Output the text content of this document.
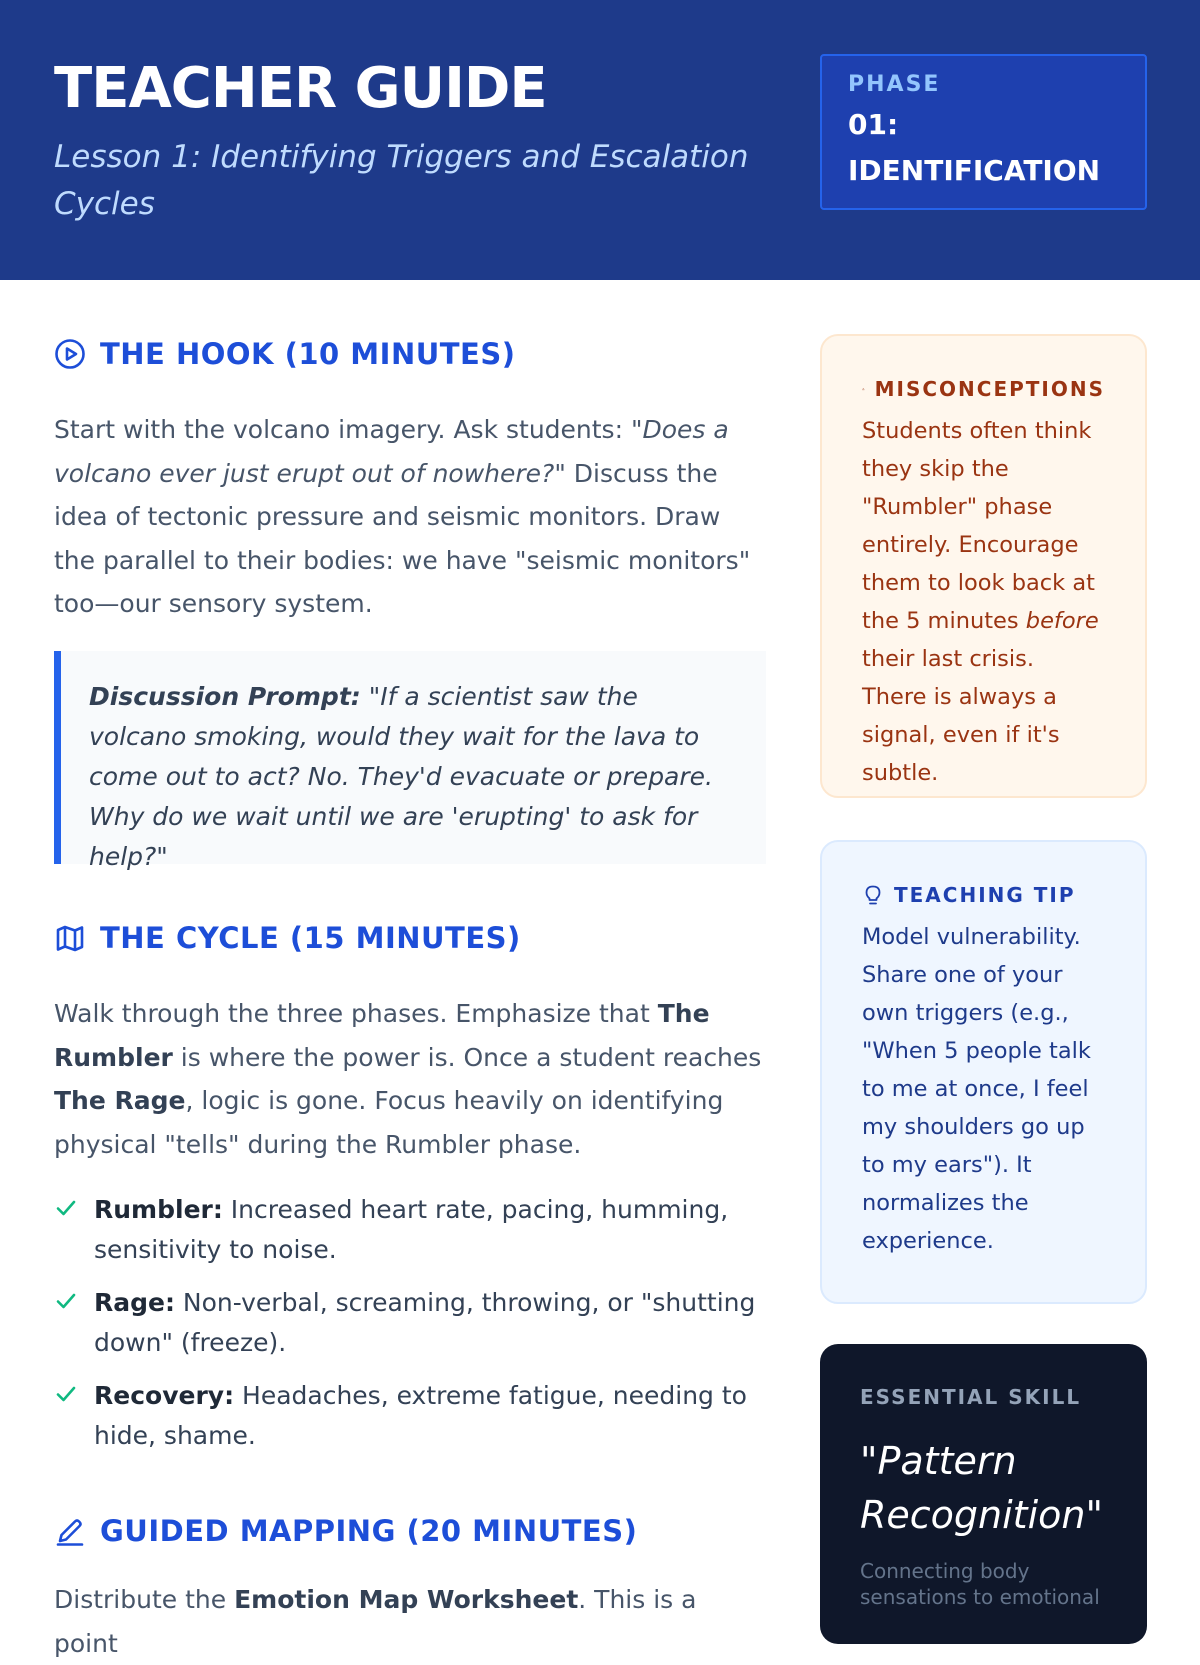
TEACHER GUIDE
Lesson 1: Identifying Triggers and Escalation Cycles
PHASE
01: IDENTIFICATION
THE HOOK (10 MINUTES)

Start with the volcano imagery. Ask students: "Does a volcano ever just erupt out of nowhere?" Discuss the idea of tectonic pressure and seismic monitors. Draw the parallel to their bodies: we have "seismic monitors" too—our sensory system.

Discussion Prompt: "If a scientist saw the volcano smoking, would they wait for the lava to come out to act? No. They'd evacuate or prepare. Why do we wait until we are 'erupting' to ask for help?"
THE CYCLE (15 MINUTES)

Walk through the three phases. Emphasize that The Rumbler is where the power is. Once a student reaches The Rage, logic is gone. Focus heavily on identifying physical "tells" during the Rumbler phase.

Rumbler: Increased heart rate, pacing, humming, sensitivity to noise.
Rage: Non-verbal, screaming, throwing, or "shutting down" (freeze).
Recovery: Headaches, extreme fatigue, needing to hide, shame.
GUIDED MAPPING (20 MINUTES)

Distribute the Emotion Map Worksheet. This is a point

MISCONCEPTIONS
Students often think they skip the "Rumbler" phase entirely. Encourage them to look back at the 5 minutes before their last crisis. There is always a signal, even if it's subtle.
TEACHING TIP
Model vulnerability. Share one of your own triggers (e.g., "When 5 people talk to me at once, I feel my shoulders go up to my ears"). It normalizes the experience.
ESSENTIAL SKILL
"Pattern Recognition"
Connecting body sensations to emotional
